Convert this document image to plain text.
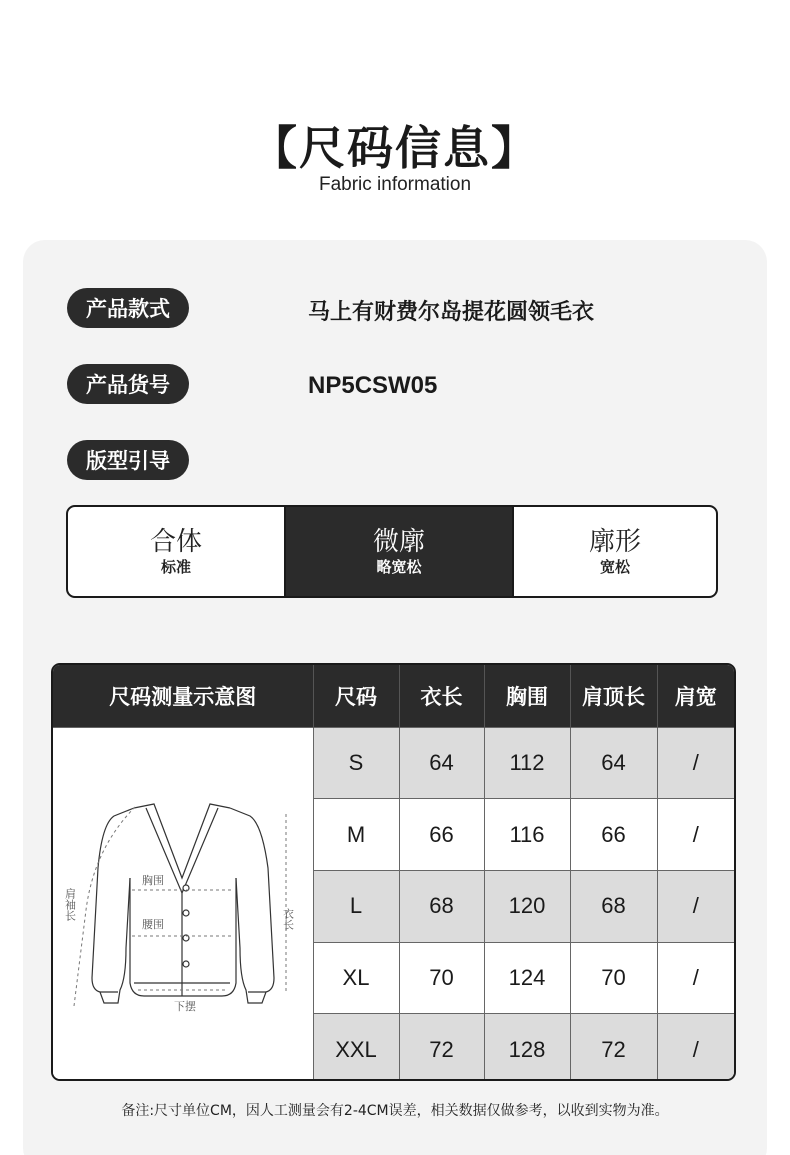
【尺码信息】
Fabric information
产品款式	马上有财费尔岛提花圆领毛衣
产品货号	NP5CSW05
版型引导
合体
标准
微廓
略宽松
廓形
宽松
尺码测量示意图	尺码	衣长	胸围	肩顶长	肩宽

胸围
腰围
下摆
衣长
肩袖长	S	64	112	64	/
	M	66	116	66	/
	L	68	120	68	/
	XL	70	124	70	/
	XXL	72	128	72	/
备注:尺寸单位CM，因人工测量会有2-4CM误差，相关数据仅做参考，以收到实物为准。
